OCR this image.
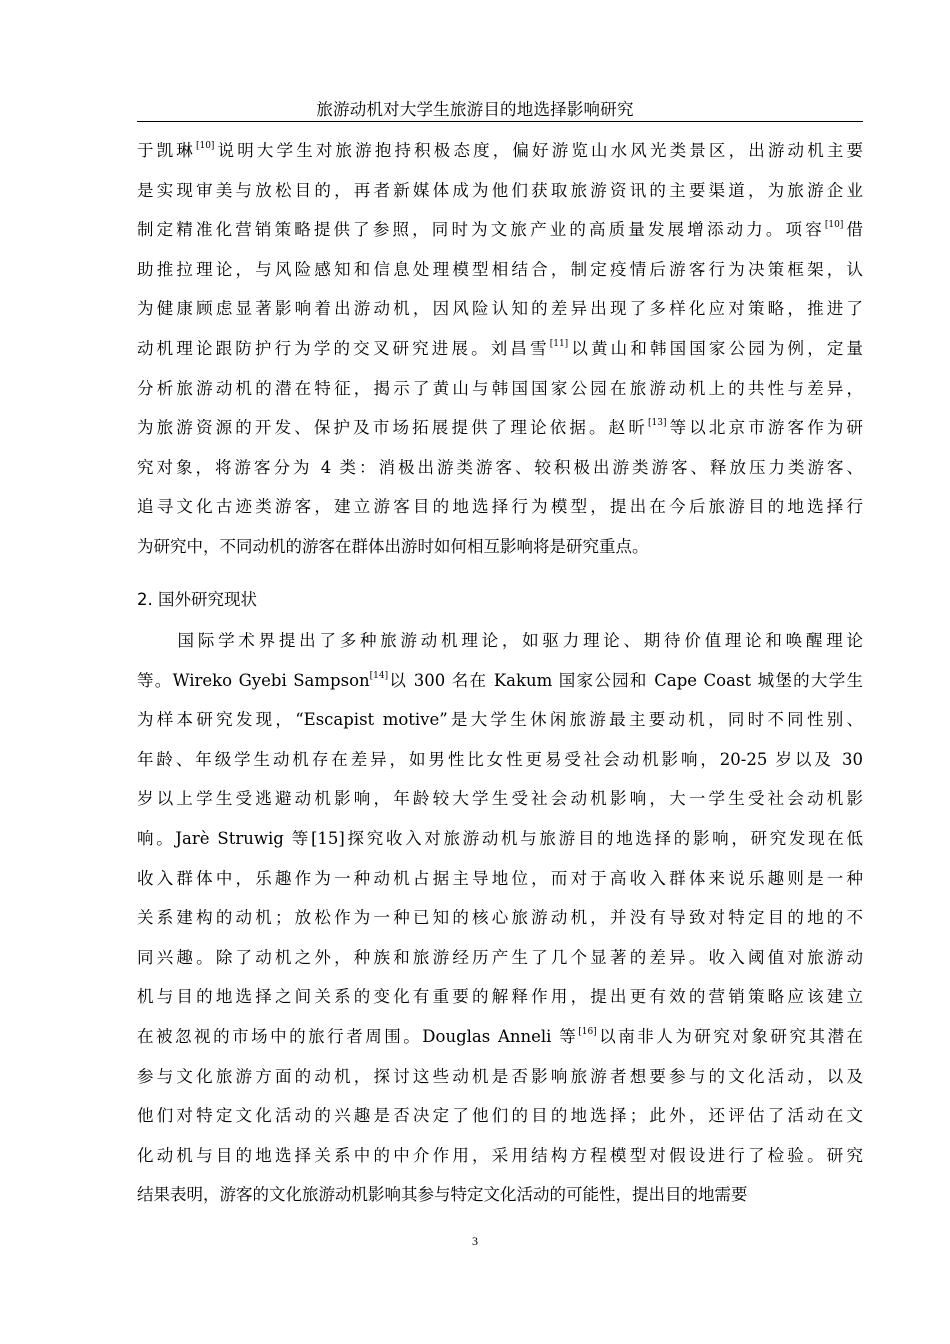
旅游动机对大学生旅游目的地选择影响研究
于凯琳[10]说明大学生对旅游抱持积极态度，偏好游览山水风光类景区，出游动机主要
是实现审美与放松目的，再者新媒体成为他们获取旅游资讯的主要渠道，为旅游企业
制定精准化营销策略提供了参照，同时为文旅产业的高质量发展增添动力。项容[10]借
助推拉理论，与风险感知和信息处理模型相结合，制定疫情后游客行为决策框架，认
为健康顾虑显著影响着出游动机，因风险认知的差异出现了多样化应对策略，推进了
动机理论跟防护行为学的交叉研究进展。刘昌雪[11]以黄山和韩国国家公园为例，定量
分析旅游动机的潜在特征，揭示了黄山与韩国国家公园在旅游动机上的共性与差异，
为旅游资源的开发、保护及市场拓展提供了理论依据。赵昕[13]等以北京市游客作为研
究对象，将游客分为 4 类：消极出游类游客、较积极出游类游客、释放压力类游客、
追寻文化古迹类游客，建立游客目的地选择行为模型，提出在今后旅游目的地选择行
为研究中，不同动机的游客在群体出游时如何相互影响将是研究重点。
2. 国外研究现状
　　国际学术界提出了多种旅游动机理论，如驱力理论、期待价值理论和唤醒理论
等。Wireko Gyebi Sampson[14]以 300 名在 Kakum 国家公园和 Cape Coast 城堡的大学生
为样本研究发现，“Escapist motive”是大学生休闲旅游最主要动机，同时不同性别、
年龄、年级学生动机存在差异，如男性比女性更易受社会动机影响，20-25 岁以及 30
岁以上学生受逃避动机影响，年龄较大学生受社会动机影响，大一学生受社会动机影
响。Jarè Struwig 等[15]探究收入对旅游动机与旅游目的地选择的影响，研究发现在低
收入群体中，乐趣作为一种动机占据主导地位，而对于高收入群体来说乐趣则是一种
关系建构的动机；放松作为一种已知的核心旅游动机，并没有导致对特定目的地的不
同兴趣。除了动机之外，种族和旅游经历产生了几个显著的差异。收入阈值对旅游动
机与目的地选择之间关系的变化有重要的解释作用，提出更有效的营销策略应该建立
在被忽视的市场中的旅行者周围。Douglas Anneli 等[16]以南非人为研究对象研究其潜在
参与文化旅游方面的动机，探讨这些动机是否影响旅游者想要参与的文化活动，以及
他们对特定文化活动的兴趣是否决定了他们的目的地选择；此外，还评估了活动在文
化动机与目的地选择关系中的中介作用，采用结构方程模型对假设进行了检验。研究
结果表明，游客的文化旅游动机影响其参与特定文化活动的可能性，提出目的地需要
3
